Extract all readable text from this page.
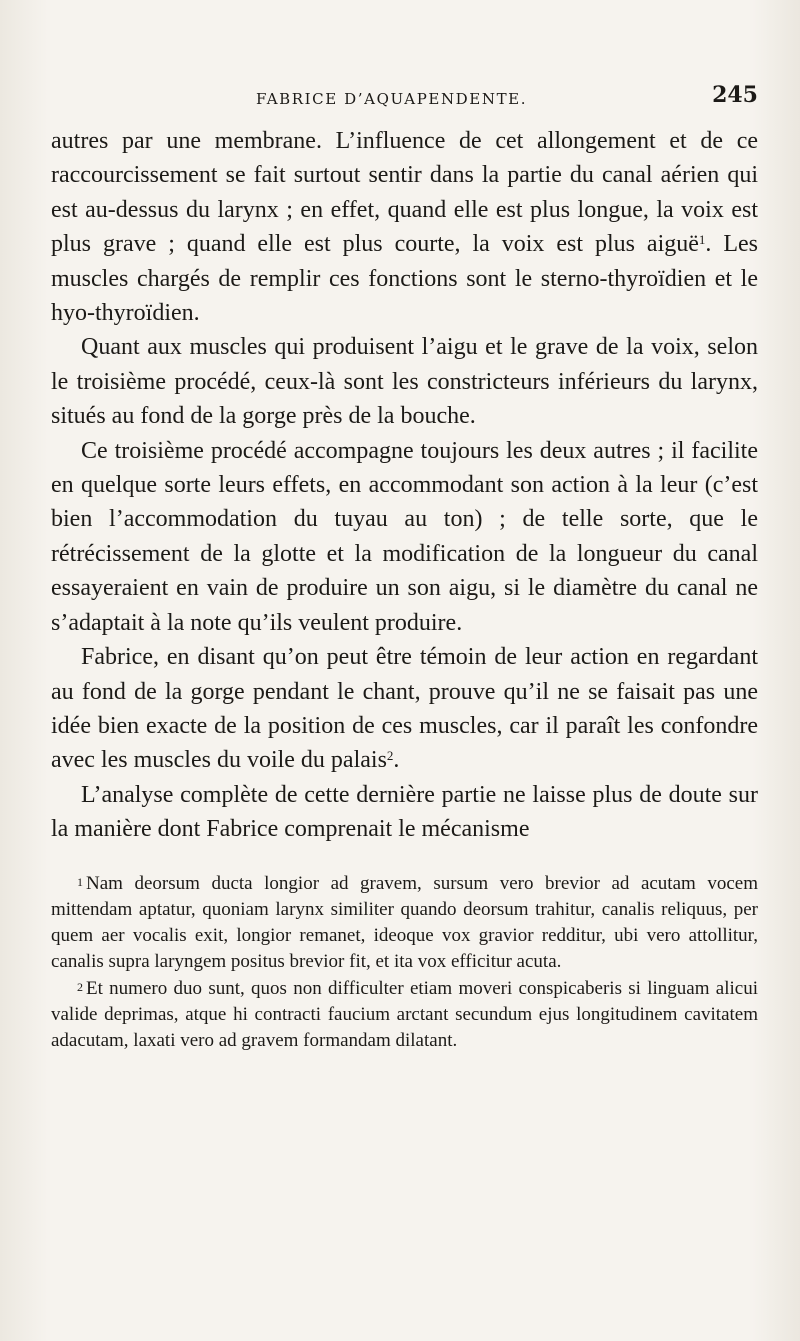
FABRICE D’AQUAPENDENTE.	245

autres par une membrane. L’influence de cet allongement et de ce raccourcissement se fait surtout sentir dans la partie du canal aérien qui est au-dessus du larynx ; en effet, quand elle est plus longue, la voix est plus grave ; quand elle est plus courte, la voix est plus aiguë$^1$. Les muscles chargés de remplir ces fonctions sont le sterno-thyroïdien et le hyo-thyroïdien.

Quant aux muscles qui produisent l’aigu et le grave de la voix, selon le troisième procédé, ceux-là sont les constricteurs inférieurs du larynx, situés au fond de la gorge près de la bouche.

Ce troisième procédé accompagne toujours les deux autres ; il facilite en quelque sorte leurs effets, en accommodant son action à la leur (c’est bien l’accommodation du tuyau au ton) ; de telle sorte, que le rétrécissement de la glotte et la modification de la longueur du canal essayeraient en vain de produire un son aigu, si le diamètre du canal ne s’adaptait à la note qu’ils veulent produire.

Fabrice, en disant qu’on peut être témoin de leur action en regardant au fond de la gorge pendant le chant, prouve qu’il ne se faisait pas une idée bien exacte de la position de ces muscles, car il paraît les confondre avec les muscles du voile du palais$^2$.

L’analyse complète de cette dernière partie ne laisse plus de doute sur la manière dont Fabrice comprenait le mécanisme

$^1$ Nam deorsum ducta longior ad gravem, sursum vero brevior ad acutam vocem mittendam aptatur, quoniam larynx similiter quando deorsum trahitur, canalis reliquus, per quem aer vocalis exit, longior remanet, ideoque vox gravior redditur, ubi vero attollitur, canalis supra laryngem positus brevior fit, et ita vox efficitur acuta.

$^2$ Et numero duo sunt, quos non difficulter etiam moveri conspicaberis si linguam alicui valide deprimas, atque hi contracti faucium arctant secundum ejus longitudinem cavitatem adacutam, laxati vero ad gravem formandam dilatant.
